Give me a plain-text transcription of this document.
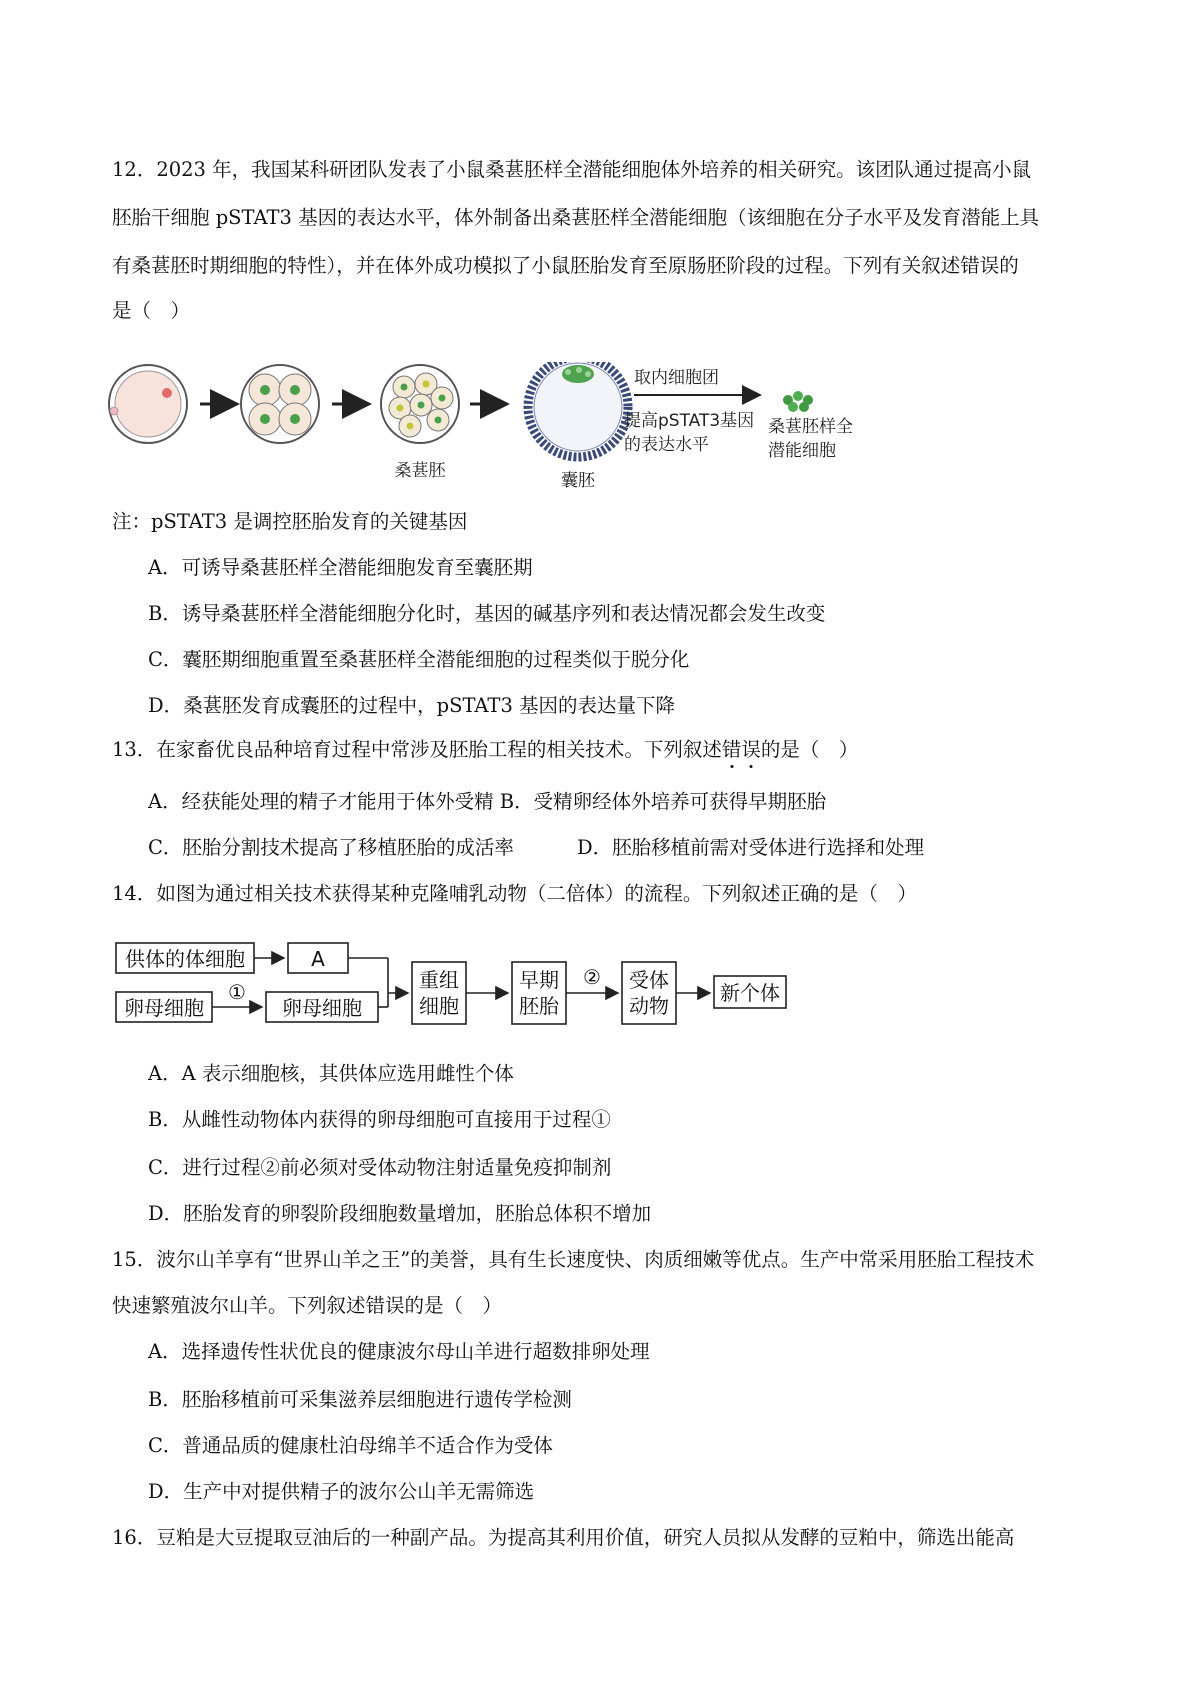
12．2023 年，我国某科研团队发表了小鼠桑葚胚样全潜能细胞体外培养的相关研究。该团队通过提高小鼠
胚胎干细胞 pSTAT3 基因的表达水平，体外制备出桑葚胚样全潜能细胞（该细胞在分子水平及发育潜能上具
有桑葚胚时期细胞的特性），并在体外成功模拟了小鼠胚胎发育至原肠胚阶段的过程。下列有关叙述错误的
是（　）
桑葚胚	囊胚
取内细胞团
提高pSTAT3基因
的表达水平
桑葚胚样全
潜能细胞
注：pSTAT3 是调控胚胎发育的关键基因
A．可诱导桑葚胚样全潜能细胞发育至囊胚期
B．诱导桑葚胚样全潜能细胞分化时，基因的碱基序列和表达情况都会发生改变
C．囊胚期细胞重置至桑葚胚样全潜能细胞的过程类似于脱分化
D．桑葚胚发育成囊胚的过程中，pSTAT3 基因的表达量下降
13．在家畜优良品种培育过程中常涉及胚胎工程的相关技术。下列叙述错误
的是（　）
A．经获能处理的精子才能用于体外受精 B．受精卵经体外培养可获得早期胚胎
C．胚胎分割技术提高了移植胚胎的成活率	D．胚胎移植前需对受体进行选择和处理
14．如图为通过相关技术获得某种克隆哺乳动物（二倍体）的流程。下列叙述正确的是（　）
供体的体细胞	A
卵母细胞
①
卵母细胞
重组
细胞
早期
胚胎
② 受体
动物
新个体
A．A 表示细胞核，其供体应选用雌性个体
B．从雌性动物体内获得的卵母细胞可直接用于过程①
C．进行过程②前必须对受体动物注射适量免疫抑制剂
D．胚胎发育的卵裂阶段细胞数量增加，胚胎总体积不增加
15．波尔山羊享有“世界山羊之王”的美誉，具有生长速度快、肉质细嫩等优点。生产中常采用胚胎工程技术
快速繁殖波尔山羊。下列叙述错误的是（　）
A．选择遗传性状优良的健康波尔母山羊进行超数排卵处理
B．胚胎移植前可采集滋养层细胞进行遗传学检测
C．普通品质的健康杜泊母绵羊不适合作为受体
D．生产中对提供精子的波尔公山羊无需筛选
16．豆粕是大豆提取豆油后的一种副产品。为提高其利用价值，研究人员拟从发酵的豆粕中，筛选出能高
